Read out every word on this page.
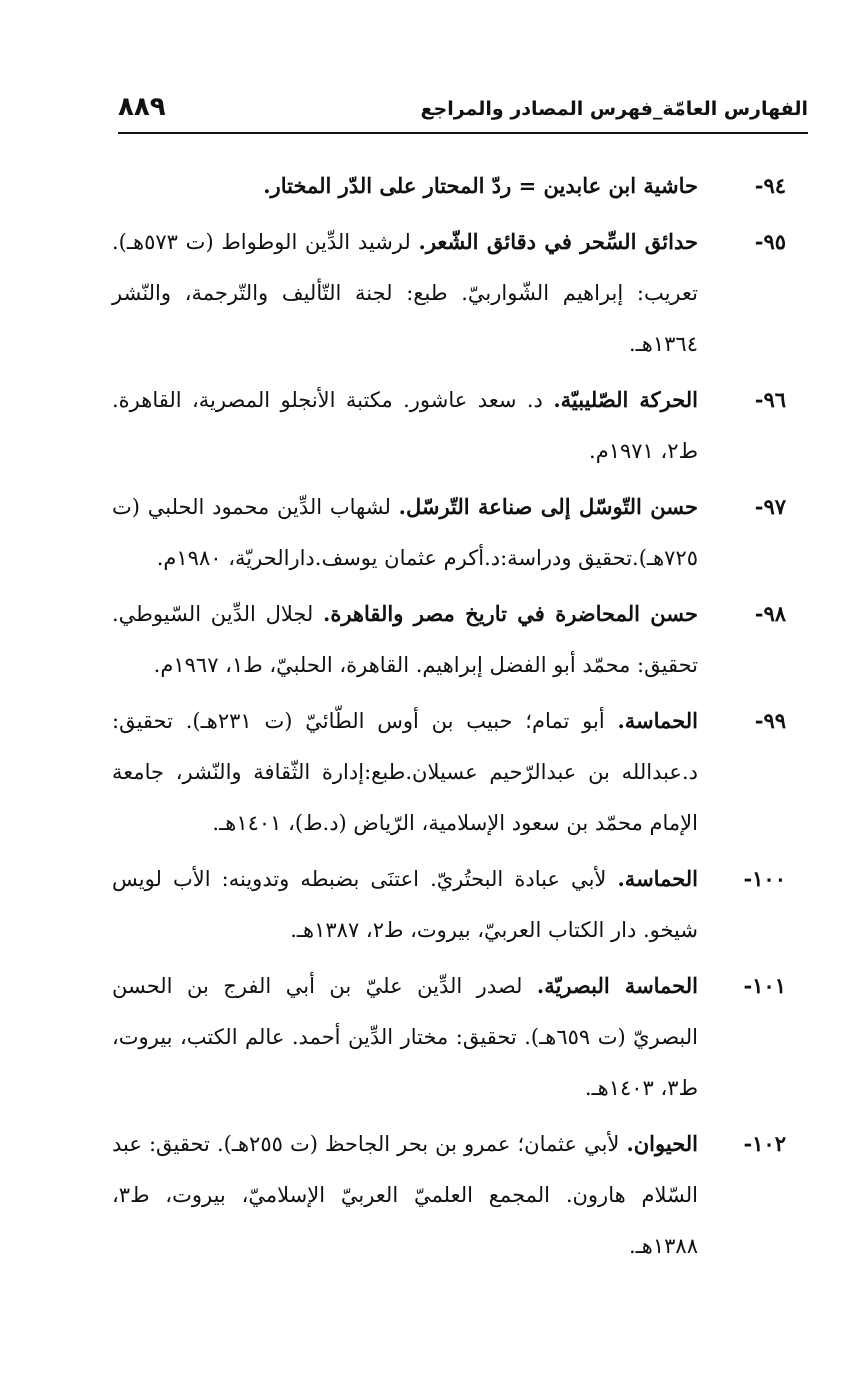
الفهارس العامّة_فهرس المصادر والمراجع
٨٨٩
٩٤-
حاشية ابن عابدين = ردّ المحتار على الدّر المختار.
٩٥-
حدائق السِّحر في دقائق الشّعر. لرشيد الدِّين الوطواط (ت ٥٧٣هـ). تعريب: إبراهيم الشّواربيّ. طبع: لجنة التّأليف والتّرجمة، والنّشر ١٣٦٤هـ.
٩٦-
الحركة الصّليبيّة. د. سعد عاشور. مكتبة الأنجلو المصرية، القاهرة. ط٢، ١٩٧١م.
٩٧-
حسن التّوسّل إلى صناعة التّرسّل. لشهاب الدِّين محمود الحلبي (ت ٧٢٥هـ).تحقيق ودراسة:د.أكرم عثمان يوسف.دارالحريّة، ١٩٨٠م.
٩٨-
حسن المحاضرة في تاريخ مصر والقاهرة. لجلال الدِّين السّيوطي. تحقيق: محمّد أبو الفضل إبراهيم. القاهرة، الحلبيّ، ط١، ١٩٦٧م.
٩٩-
الحماسة. أبو تمام؛ حبيب بن أوس الطّائيّ (ت ٢٣١هـ). تحقيق: د.عبدالله بن عبدالرّحيم عسيلان.طبع:إدارة الثّقافة والنّشر، جامعة الإمام محمّد بن سعود الإسلامية، الرّياض (د.ط)، ١٤٠١هـ.
١٠٠-
الحماسة. لأبي عبادة البحتُريّ. اعتنَى بضبطه وتدوينه: الأب لويس شيخو. دار الكتاب العربيّ، بيروت، ط٢، ١٣٨٧هـ.
١٠١-
الحماسة البصريّة. لصدر الدِّين عليّ بن أبي الفرج بن الحسن البصريّ (ت ٦٥٩هـ). تحقيق: مختار الدِّين أحمد. عالم الكتب، بيروت، ط٣، ١٤٠٣هـ.
١٠٢-
الحيوان. لأبي عثمان؛ عمرو بن بحر الجاحظ (ت ٢٥٥هـ). تحقيق: عبد السّلام هارون. المجمع العلميّ العربيّ الإسلاميّ، بيروت، ط٣، ١٣٨٨هـ.
